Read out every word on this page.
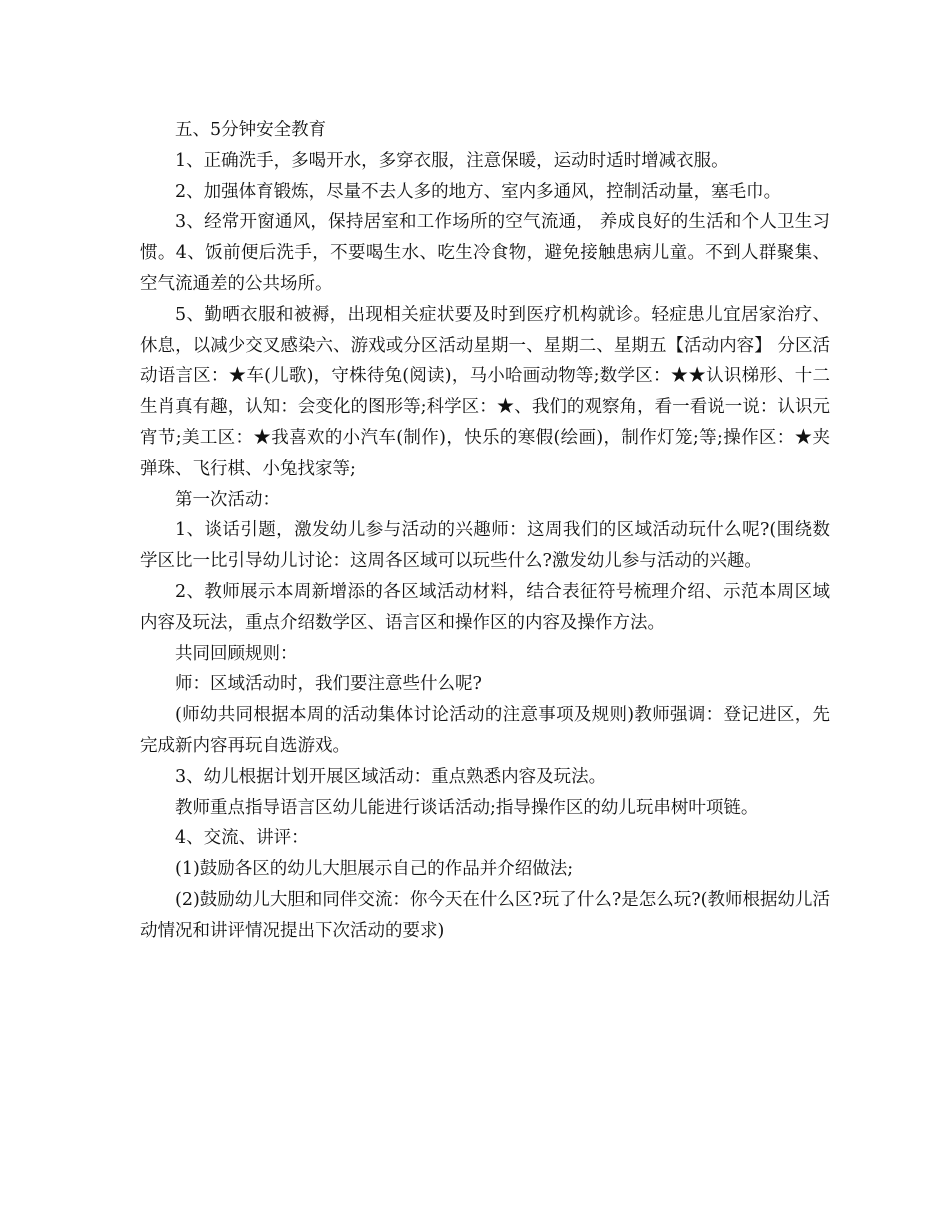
五、5分钟安全教育

1、正确洗手，多喝开水，多穿衣服，注意保暖，运动时适时增减衣服。

2、加强体育锻炼，尽量不去人多的地方、室内多通风，控制活动量，塞毛巾。

3、经常开窗通风，保持居室和工作场所的空气流通， 养成良好的生活和个人卫生习惯。4、饭前便后洗手，不要喝生水、吃生冷食物，避免接触患病儿童。不到人群聚集、空气流通差的公共场所。

5、勤晒衣服和被褥，出现相关症状要及时到医疗机构就诊。轻症患儿宜居家治疗、休息，以减少交叉感染六、游戏或分区活动星期一、星期二、星期五【活动内容】 分区活动语言区：★车(儿歌)，守株待兔(阅读)，马小哈画动物等;数学区：★★认识梯形、十二生肖真有趣，认知：会变化的图形等;科学区：★、我们的观察角，看一看说一说：认识元宵节;美工区：★我喜欢的小汽车(制作)，快乐的寒假(绘画)，制作灯笼;等;操作区：★夹弹珠、飞行棋、小兔找家等;

第一次活动：

1、谈话引题，激发幼儿参与活动的兴趣师：这周我们的区域活动玩什么呢?(围绕数学区比一比引导幼儿讨论：这周各区域可以玩些什么?激发幼儿参与活动的兴趣。

2、教师展示本周新增添的各区域活动材料，结合表征符号梳理介绍、示范本周区域内容及玩法，重点介绍数学区、语言区和操作区的内容及操作方法。

共同回顾规则：

师：区域活动时，我们要注意些什么呢?

(师幼共同根据本周的活动集体讨论活动的注意事项及规则)教师强调：登记进区，先完成新内容再玩自选游戏。

3、幼儿根据计划开展区域活动：重点熟悉内容及玩法。

教师重点指导语言区幼儿能进行谈话活动;指导操作区的幼儿玩串树叶项链。

4、交流、讲评：

(1)鼓励各区的幼儿大胆展示自己的作品并介绍做法;

(2)鼓励幼儿大胆和同伴交流：你今天在什么区?玩了什么?是怎么玩?(教师根据幼儿活动情况和讲评情况提出下次活动的要求)
